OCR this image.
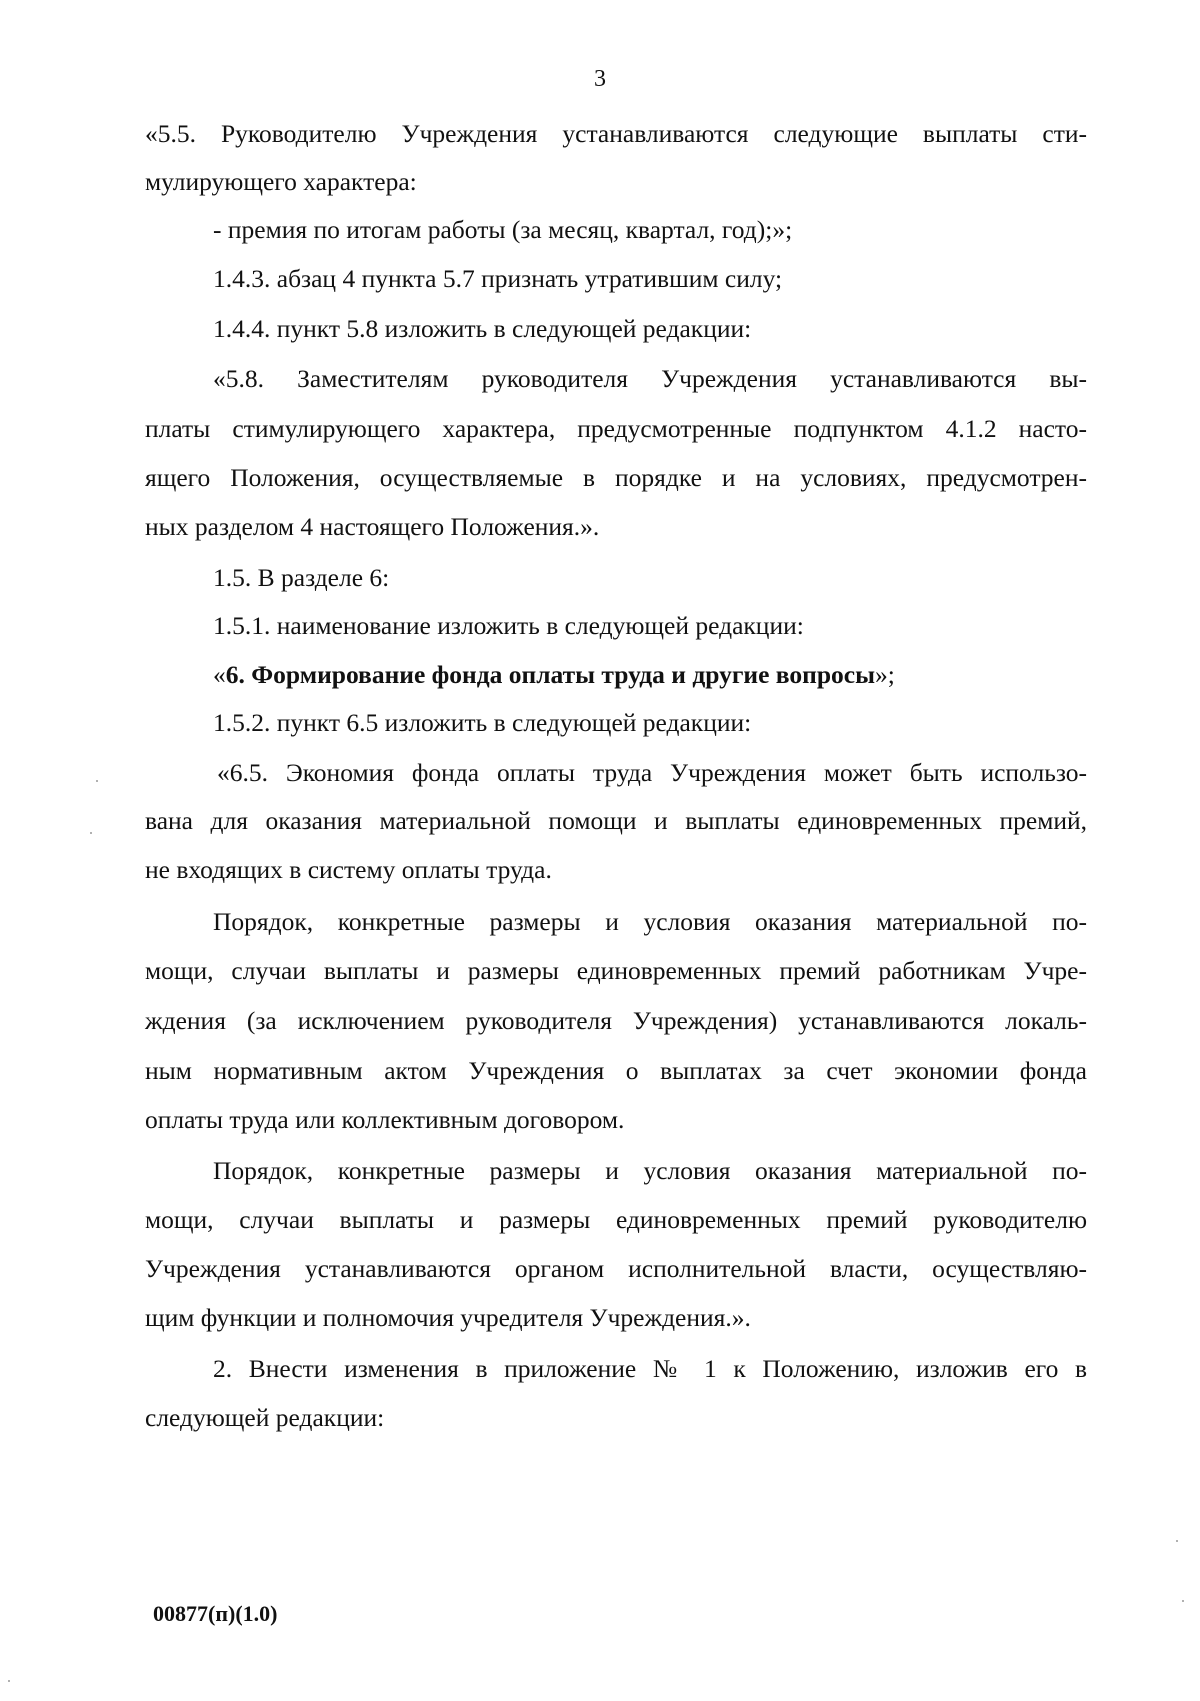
3
«5.5. Руководителю Учреждения устанавливаются следующие выплаты сти-
мулирующего характера:
- премия по итогам работы (за месяц, квартал, год);»;
1.4.3. абзац 4 пункта 5.7 признать утратившим силу;
1.4.4. пункт 5.8 изложить в следующей редакции:
«5.8. Заместителям руководителя Учреждения устанавливаются вы-
платы стимулирующего характера, предусмотренные подпунктом 4.1.2 насто-
ящего Положения, осуществляемые в порядке и на условиях, предусмотрен-
ных разделом 4 настоящего Положения.».
1.5. В разделе 6:
1.5.1. наименование изложить в следующей редакции:
«6. Формирование фонда оплаты труда и другие вопросы»;
1.5.2. пункт 6.5 изложить в следующей редакции:
«6.5. Экономия фонда оплаты труда Учреждения может быть использо-
вана для оказания материальной помощи и выплаты единовременных премий,
не входящих в систему оплаты труда.
Порядок, конкретные размеры и условия оказания материальной по-
мощи, случаи выплаты и размеры единовременных премий работникам Учре-
ждения (за исключением руководителя Учреждения) устанавливаются локаль-
ным нормативным актом Учреждения о выплатах за счет экономии фонда
оплаты труда или коллективным договором.
Порядок, конкретные размеры и условия оказания материальной по-
мощи, случаи выплаты и размеры единовременных премий руководителю
Учреждения устанавливаются органом исполнительной власти, осуществляю-
щим функции и полномочия учредителя Учреждения.».
2. Внести изменения в приложение № 1 к Положению, изложив его в
следующей редакции:
00877(п)(1.0)
